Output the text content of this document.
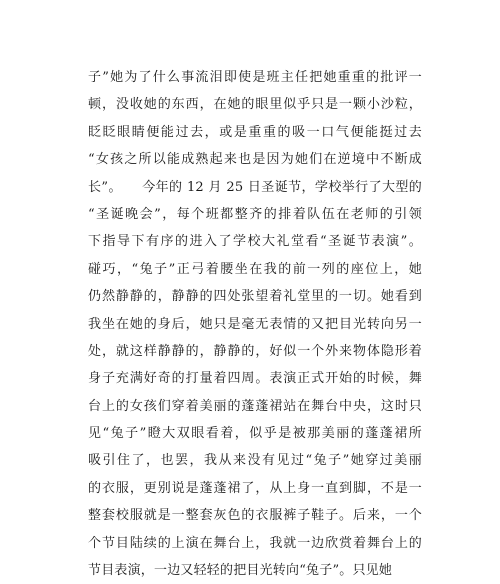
子”她为了什么事流泪即使是班主任把她重重的批评一
顿，没收她的东西，在她的眼里似乎只是一颗小沙粒，
眨眨眼睛便能过去，或是重重的吸一口气便能挺过去
“女孩之所以能成熟起来也是因为她们在逆境中不断成
长”。　　今年的 12 月 25 日圣诞节，学校举行了大型的
“圣诞晚会”，每个班都整齐的排着队伍在老师的引领
下指导下有序的进入了学校大礼堂看“圣诞节表演”。
碰巧，“兔子”正弓着腰坐在我的前一列的座位上，她
仍然静静的，静静的四处张望着礼堂里的一切。她看到
我坐在她的身后，她只是毫无表情的又把目光转向另一
处，就这样静静的，静静的，好似一个外来物体隐形着
身子充满好奇的打量着四周。表演正式开始的时候，舞
台上的女孩们穿着美丽的蓬蓬裙站在舞台中央，这时只
见“兔子”瞪大双眼看着，似乎是被那美丽的蓬蓬裙所
吸引住了，也罢，我从来没有见过“兔子”她穿过美丽
的衣服，更别说是蓬蓬裙了，从上身一直到脚，不是一
整套校服就是一整套灰色的衣服裤子鞋子。后来，一个
个节目陆续的上演在舞台上，我就一边欣赏着舞台上的
节目表演，一边又轻轻的把目光转向“兔子”。只见她
